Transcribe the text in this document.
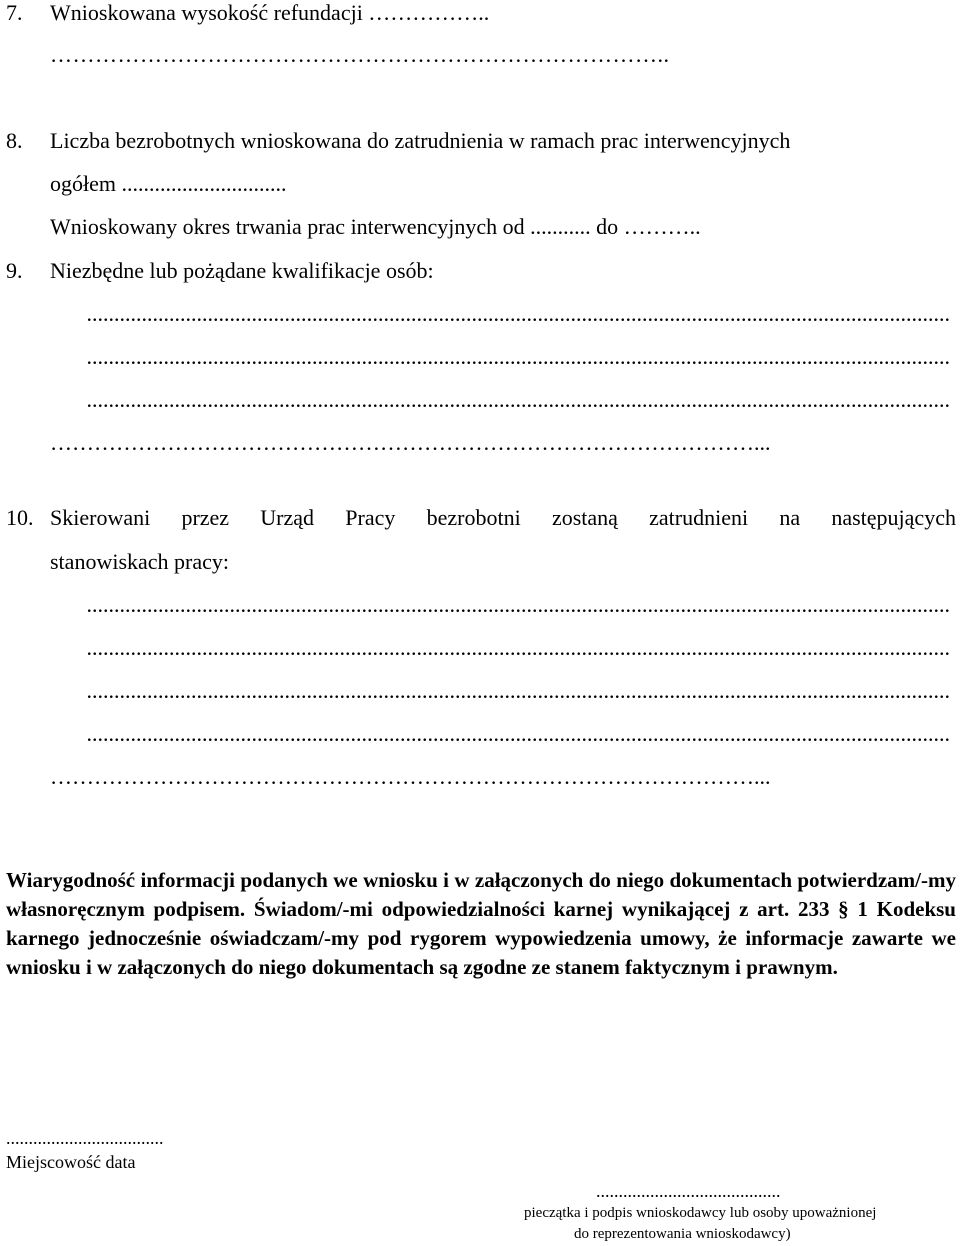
7. Wnioskowana wysokość refundacji ……………..
………………………………………………………………………..
8. Liczba bezrobotnych wnioskowana do zatrudnienia w ramach prac interwencyjnych
ogółem ..............................
Wnioskowany okres trwania prac interwencyjnych od ........... do ………..
9. Niezbędne lub pożądane kwalifikacje osób:
.............................................................................................................................................................
.............................................................................................................................................................
.............................................................................................................................................................
……………………………………………………………………………………...
10. Skierowani przez Urząd Pracy bezrobotni zostaną zatrudnieni na następujących
stanowiskach pracy:
.............................................................................................................................................................
.............................................................................................................................................................
.............................................................................................................................................................
.............................................................................................................................................................
……………………………………………………………………………………...
Wiarygodność informacji podanych we wniosku i w załączonych do niego dokumentach potwierdzam/-my własnoręcznym podpisem. Świadom/-mi odpowiedzialności karnej wynikającej z art. 233 § 1 Kodeksu karnego jednocześnie oświadczam/-my pod rygorem wypowiedzenia umowy, że informacje zawarte we wniosku i w załączonych do niego dokumentach są zgodne ze stanem faktycznym i prawnym.
...................................
Miejscowość data
.........................................
pieczątka i podpis wnioskodawcy lub osoby upoważnionej
do reprezentowania wnioskodawcy)
